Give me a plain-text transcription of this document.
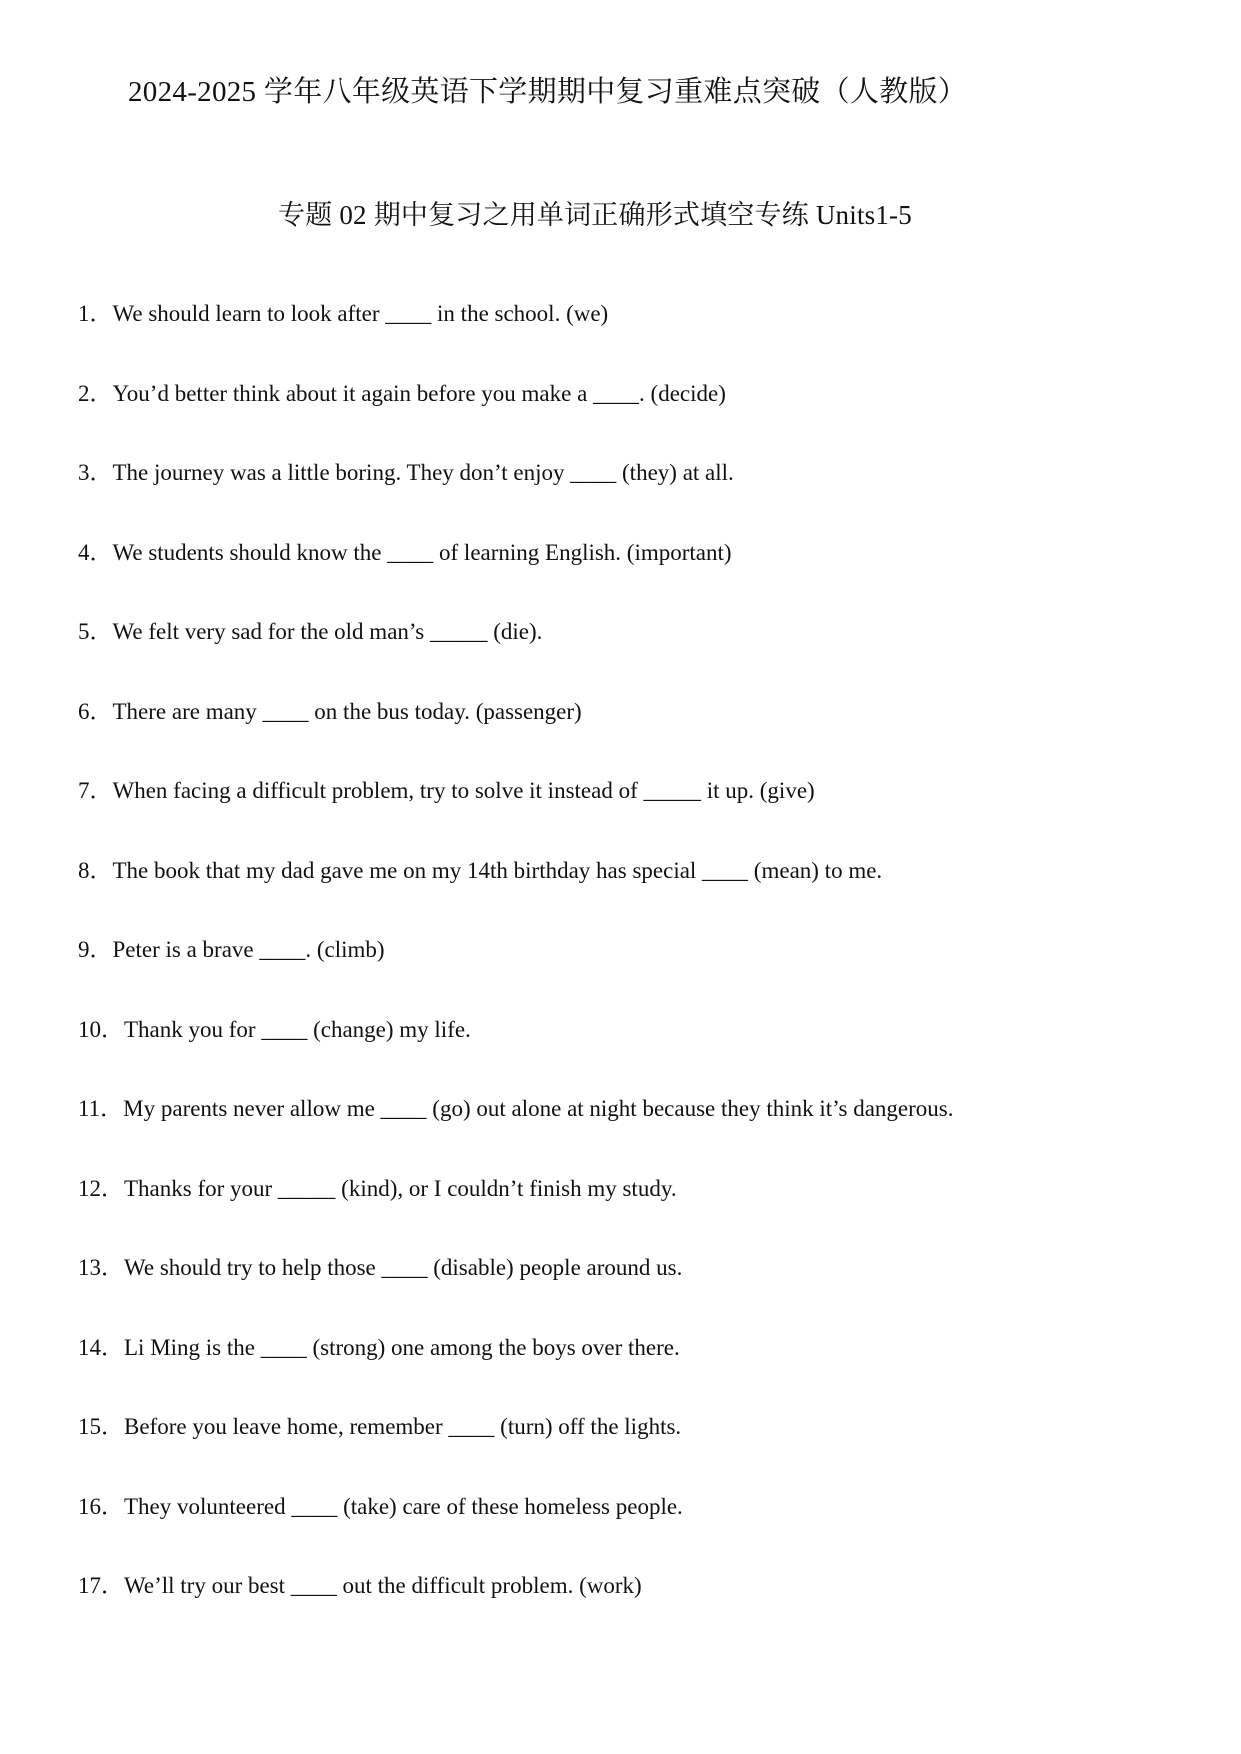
2024-2025 学年八年级英语下学期期中复习重难点突破（人教版）
专题 02 期中复习之用单词正确形式填空专练 Units1-5
1．We should learn to look after ____ in the school. (we)
2．You’d better think about it again before you make a ____. (decide)
3．The journey was a little boring. They don’t enjoy ____ (they) at all.
4．We students should know the ____ of learning English. (important)
5．We felt very sad for the old man’s _____ (die).
6．There are many ____ on the bus today. (passenger)
7．When facing a difficult problem, try to solve it instead of _____ it up. (give)
8．The book that my dad gave me on my 14th birthday has special ____ (mean) to me.
9．Peter is a brave ____. (climb)
10．Thank you for ____ (change) my life.
11．My parents never allow me ____ (go) out alone at night because they think it’s dangerous.
12．Thanks for your _____ (kind), or I couldn’t finish my study.
13．We should try to help those ____ (disable) people around us.
14．Li Ming is the ____ (strong) one among the boys over there.
15．Before you leave home, remember ____ (turn) off the lights.
16．They volunteered ____ (take) care of these homeless people.
17．We’ll try our best ____ out the difficult problem. (work)
